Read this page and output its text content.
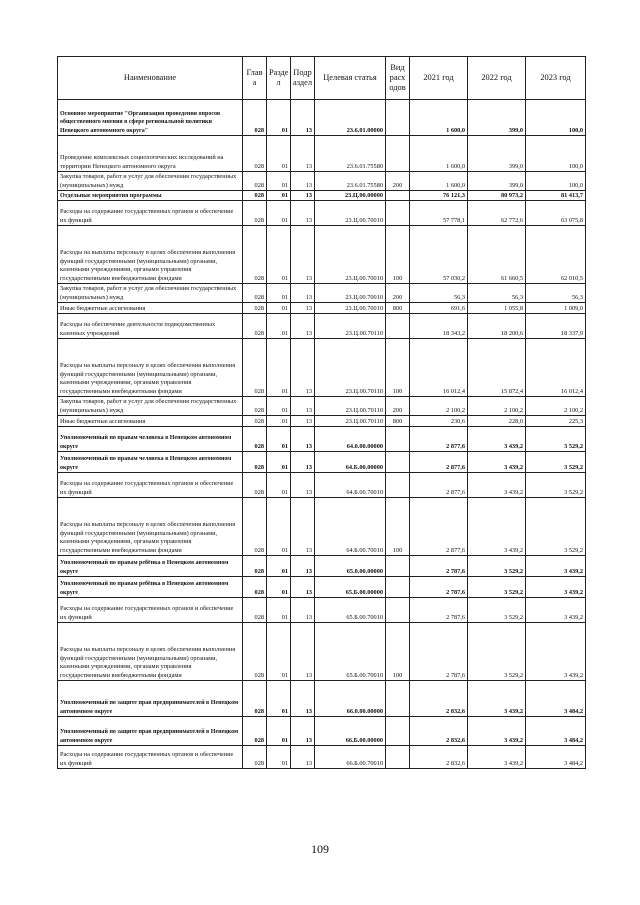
Наименование	Глав а	Разде л	Подр аздел	Целевая статья	Вид расх одов	2021 год	2022 год	2023 год
Основное мероприятие "Организация проведения опросов общественного мнения в сфере региональной политики Ненецкого автономного округа"	028	01	13	23.6.01.00000		1 600,0	399,0	100,0
Проведение комплексных социологических исследований на территории Ненецкого автономного округа	028	01	13	23.6.01.75580		1 600,0	399,0	100,0
Закупка товаров, работ и услуг для обеспечения государственных (муниципальных) нужд	028	01	13	23.6.01.75580	200	1 600,0	399,0	100,0
Отдельные мероприятия программы	028	01	13	23.Ц.00.00000		76 121,3	80 973,2	81 413,7
Расходы на содержание государственных органов и обеспечение их функций	028	01	13	23.Ц.00.70010		57 778,1	62 772,6	63 075,8
Расходы на выплаты персоналу в целях обеспечения выполнения функций государственными (муниципальными) органами, казенными учреждениями, органами управления государственными внебюджетными фондами	028	01	13	23.Ц.00.70010	100	57 030,2	61 660,5	62 010,5
Закупка товаров, работ и услуг для обеспечения государственных (муниципальных) нужд	028	01	13	23.Ц.00.70010	200	56,3	56,3	56,3
Иные бюджетные ассигнования	028	01	13	23.Ц.00.70010	800	691,6	1 055,8	1 009,0
Расходы на обеспечение деятельности подведомственных казенных учреждений	028	01	13	23.Ц.00.70110		18 343,2	18 200,6	18 337,9
Расходы на выплаты персоналу в целях обеспечения выполнения функций государственными (муниципальными) органами, казенными учреждениями, органами управления государственными внебюджетными фондами	028	01	13	23.Ц.00.70110	100	16 012,4	15 872,4	16 012,4
Закупка товаров, работ и услуг для обеспечения государственных (муниципальных) нужд	028	01	13	23.Ц.00.70110	200	2 100,2	2 100,2	2 100,2
Иные бюджетные ассигнования	028	01	13	23.Ц.00.70110	800	230,6	228,0	225,3
Уполномоченный по правам человека в Ненецком автономном округе	028	01	13	64.0.00.00000		2 877,6	3 439,2	3 529,2
Уполномоченный по правам человека в Ненецком автономном округе	028	01	13	64.Б.00.00000		2 877,6	3 439,2	3 529,2
Расходы на содержание государственных органов и обеспечение их функций	028	01	13	64.Б.00.70010		2 877,6	3 439,2	3 529,2
Расходы на выплаты персоналу в целях обеспечения выполнения функций государственными (муниципальными) органами, казенными учреждениями, органами управления государственными внебюджетными фондами	028	01	13	64.Б.00.70010	100	2 877,6	3 439,2	3 529,2
Уполномоченный по правам ребёнка в Ненецком автономном округе	028	01	13	65.0.00.00000		2 787,6	3 529,2	3 439,2
Уполномоченный по правам ребёнка в Ненецком автономном округе	028	01	13	65.Б.00.00000		2 787,6	3 529,2	3 439,2
Расходы на содержание государственных органов и обеспечение их функций	028	01	13	65.Б.00.70010		2 787,6	3 529,2	3 439,2
Расходы на выплаты персоналу в целях обеспечения выполнения функций государственными (муниципальными) органами, казенными учреждениями, органами управления государственными внебюджетными фондами	028	01	13	65.Б.00.70010	100	2 787,6	3 529,2	3 439,2
Уполномоченный по защите прав предпринимателей в Ненецком автономном округе	028	01	13	66.0.00.00000		2 832,6	3 439,2	3 484,2
Уполномоченный по защите прав предпринимателей в Ненецком автономном округе	028	01	13	66.Б.00.00000		2 832,6	3 439,2	3 484,2
Расходы на содержание государственных органов и обеспечение их функций	028	01	13	66.Б.00.70010		2 832,6	3 439,2	3 484,2
109
